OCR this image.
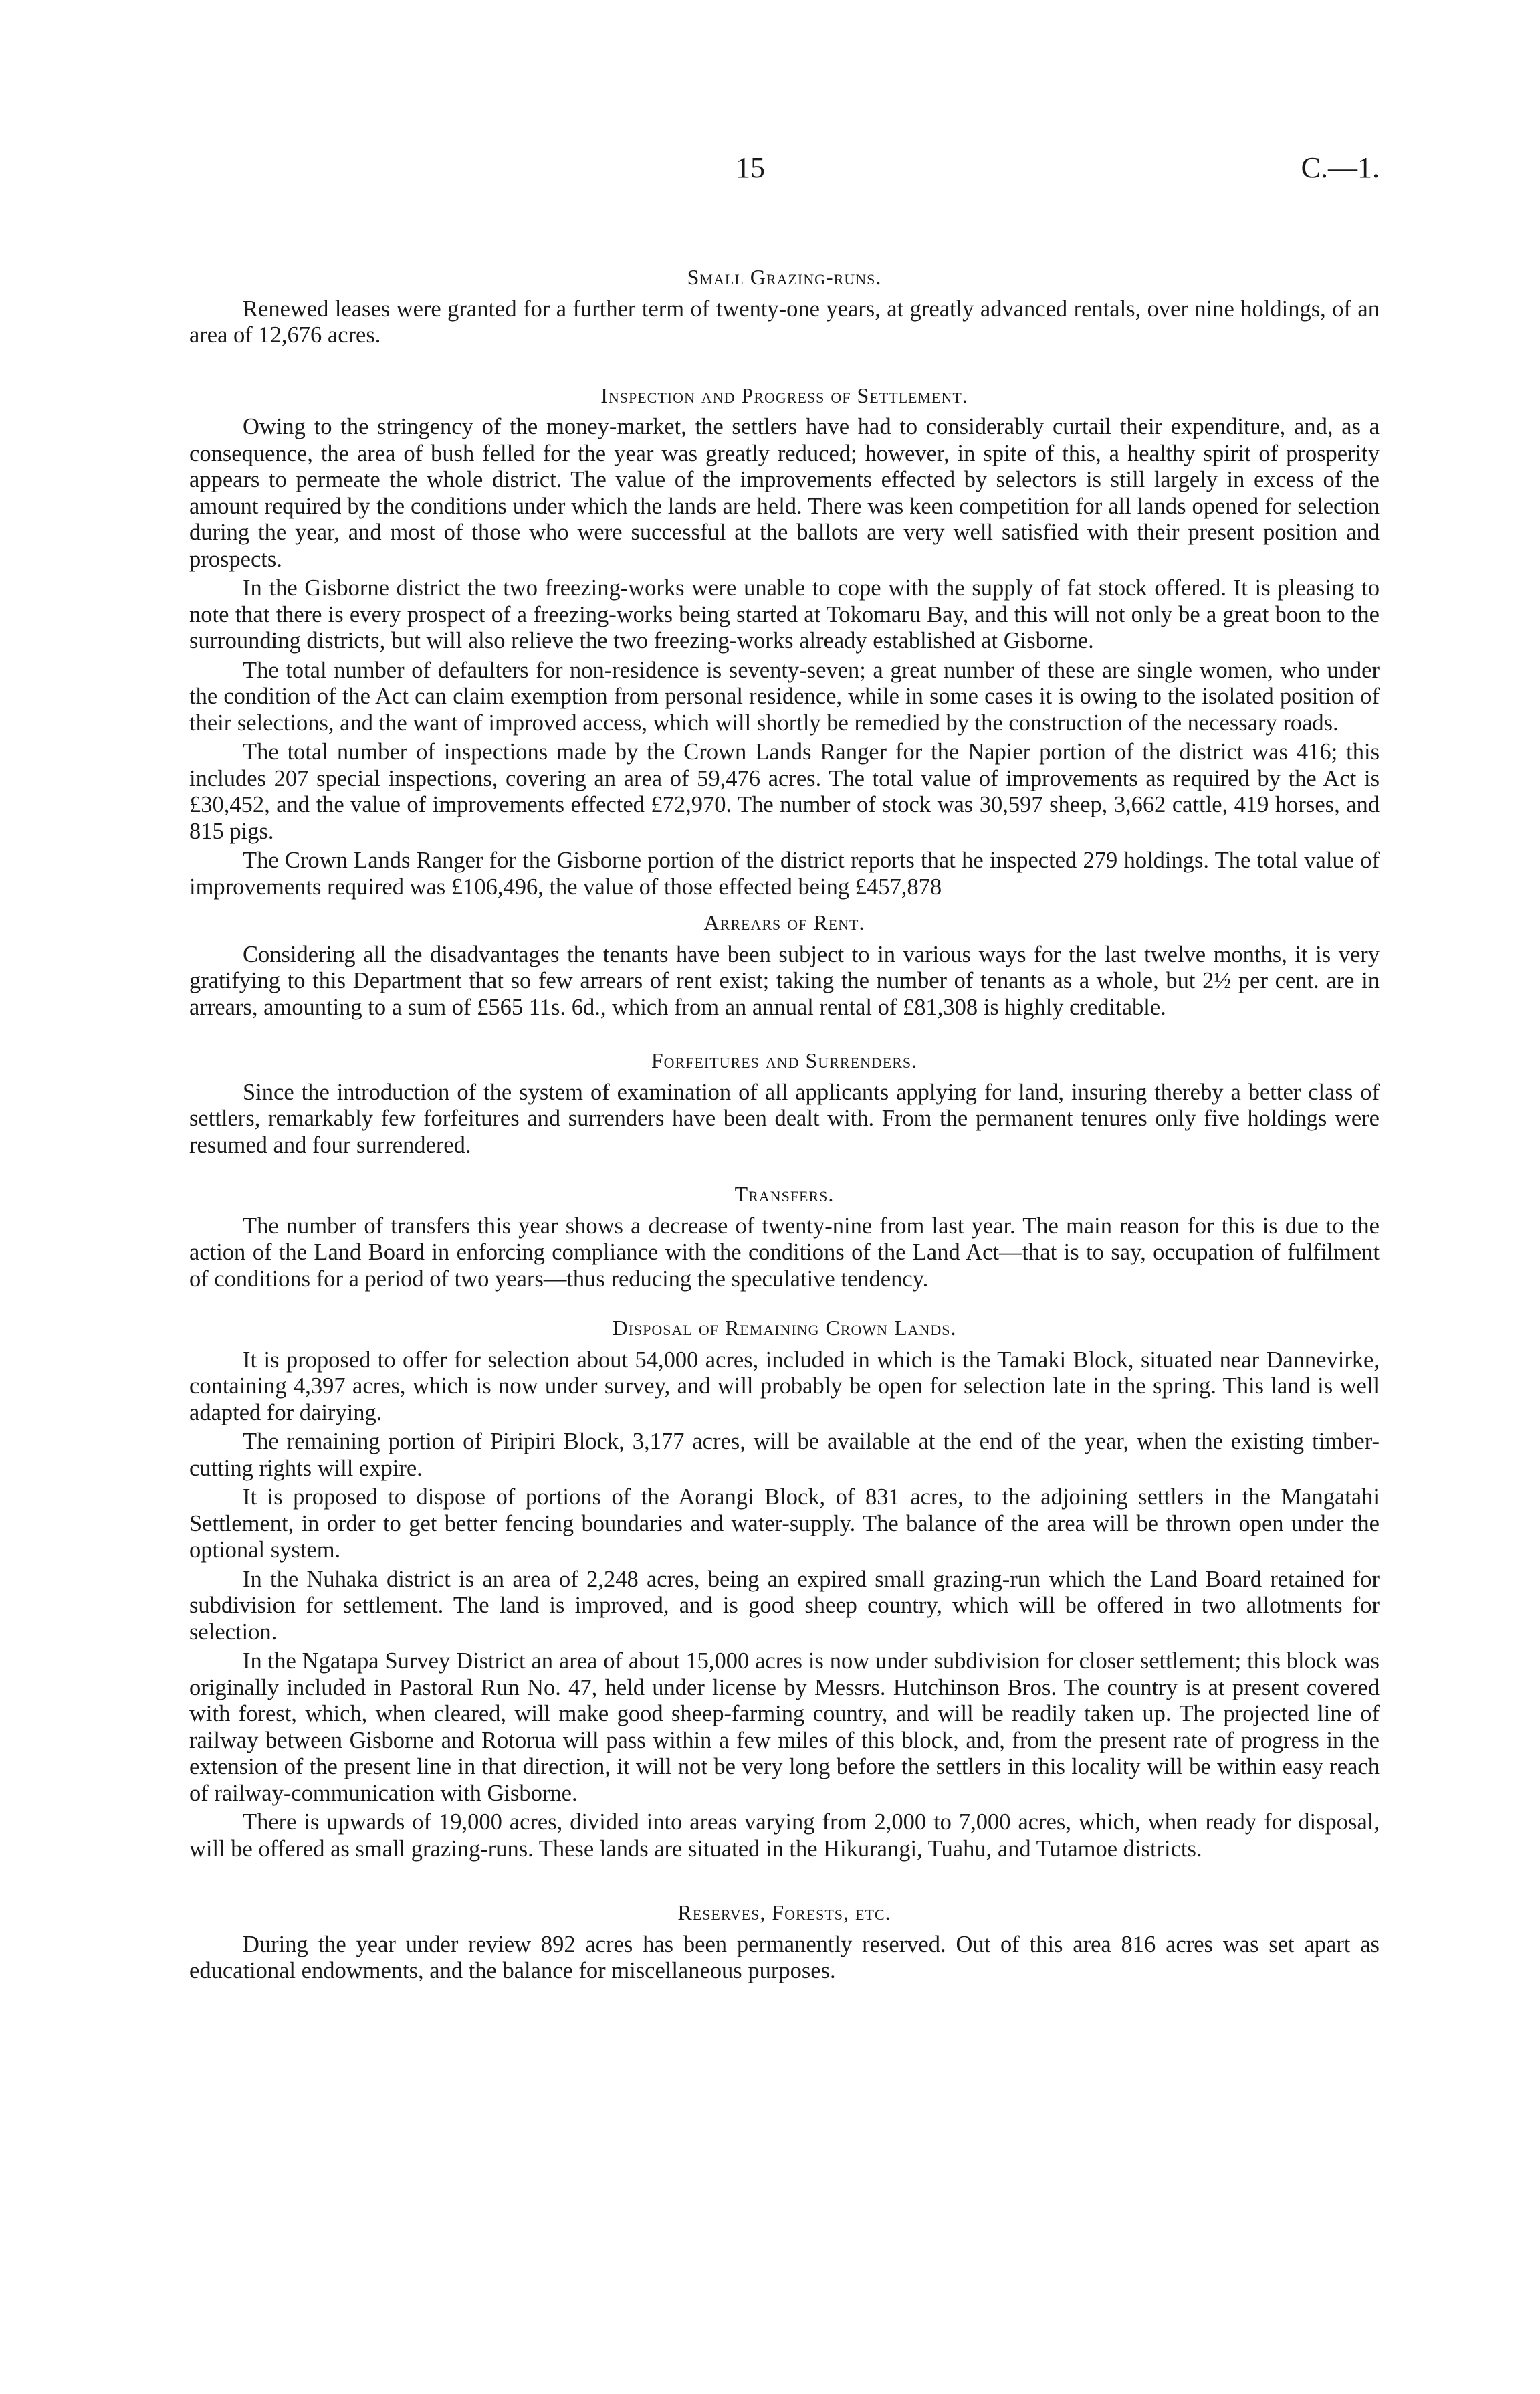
15	C.—1.
Small Grazing-runs.

Renewed leases were granted for a further term of twenty-one years, at greatly advanced rentals, over nine holdings, of an area of 12,676 acres.

Inspection and Progress of Settlement.

Owing to the stringency of the money-market, the settlers have had to considerably curtail their expenditure, and, as a consequence, the area of bush felled for the year was greatly reduced; however, in spite of this, a healthy spirit of prosperity appears to permeate the whole district. The value of the improvements effected by selectors is still largely in excess of the amount required by the conditions under which the lands are held. There was keen competition for all lands opened for selection during the year, and most of those who were successful at the ballots are very well satisfied with their present position and prospects.

In the Gisborne district the two freezing-works were unable to cope with the supply of fat stock offered. It is pleasing to note that there is every prospect of a freezing-works being started at Tokomaru Bay, and this will not only be a great boon to the surrounding districts, but will also relieve the two freezing-works already established at Gisborne.

The total number of defaulters for non-residence is seventy-seven; a great number of these are single women, who under the condition of the Act can claim exemption from personal residence, while in some cases it is owing to the isolated position of their selections, and the want of improved access, which will shortly be remedied by the construction of the necessary roads.

The total number of inspections made by the Crown Lands Ranger for the Napier portion of the district was 416; this includes 207 special inspections, covering an area of 59,476 acres. The total value of improvements as required by the Act is £30,452, and the value of improvements effected £72,970. The number of stock was 30,597 sheep, 3,662 cattle, 419 horses, and 815 pigs.

The Crown Lands Ranger for the Gisborne portion of the district reports that he inspected 279 holdings. The total value of improvements required was £106,496, the value of those effected being £457,878

Arrears of Rent.

Considering all the disadvantages the tenants have been subject to in various ways for the last twelve months, it is very gratifying to this Department that so few arrears of rent exist; taking the number of tenants as a whole, but 2½ per cent. are in arrears, amounting to a sum of £565 11s. 6d., which from an annual rental of £81,308 is highly creditable.

Forfeitures and Surrenders.

Since the introduction of the system of examination of all applicants applying for land, insuring thereby a better class of settlers, remarkably few forfeitures and surrenders have been dealt with. From the permanent tenures only five holdings were resumed and four surrendered.

Transfers.

The number of transfers this year shows a decrease of twenty-nine from last year. The main reason for this is due to the action of the Land Board in enforcing compliance with the conditions of the Land Act—that is to say, occupation of fulfilment of conditions for a period of two years—thus reducing the speculative tendency.

Disposal of Remaining Crown Lands.

It is proposed to offer for selection about 54,000 acres, included in which is the Tamaki Block, situated near Dannevirke, containing 4,397 acres, which is now under survey, and will probably be open for selection late in the spring. This land is well adapted for dairying.

The remaining portion of Piripiri Block, 3,177 acres, will be available at the end of the year, when the existing timber-cutting rights will expire.

It is proposed to dispose of portions of the Aorangi Block, of 831 acres, to the adjoining settlers in the Mangatahi Settlement, in order to get better fencing boundaries and water-supply. The balance of the area will be thrown open under the optional system.

In the Nuhaka district is an area of 2,248 acres, being an expired small grazing-run which the Land Board retained for subdivision for settlement. The land is improved, and is good sheep country, which will be offered in two allotments for selection.

In the Ngatapa Survey District an area of about 15,000 acres is now under subdivision for closer settlement; this block was originally included in Pastoral Run No. 47, held under license by Messrs. Hutchinson Bros. The country is at present covered with forest, which, when cleared, will make good sheep-farming country, and will be readily taken up. The projected line of railway between Gisborne and Rotorua will pass within a few miles of this block, and, from the present rate of progress in the extension of the present line in that direction, it will not be very long before the settlers in this locality will be within easy reach of railway-communication with Gisborne.

There is upwards of 19,000 acres, divided into areas varying from 2,000 to 7,000 acres, which, when ready for disposal, will be offered as small grazing-runs. These lands are situated in the Hikurangi, Tuahu, and Tutamoe districts.

Reserves, Forests, etc.

During the year under review 892 acres has been permanently reserved. Out of this area 816 acres was set apart as educational endowments, and the balance for miscellaneous purposes.
